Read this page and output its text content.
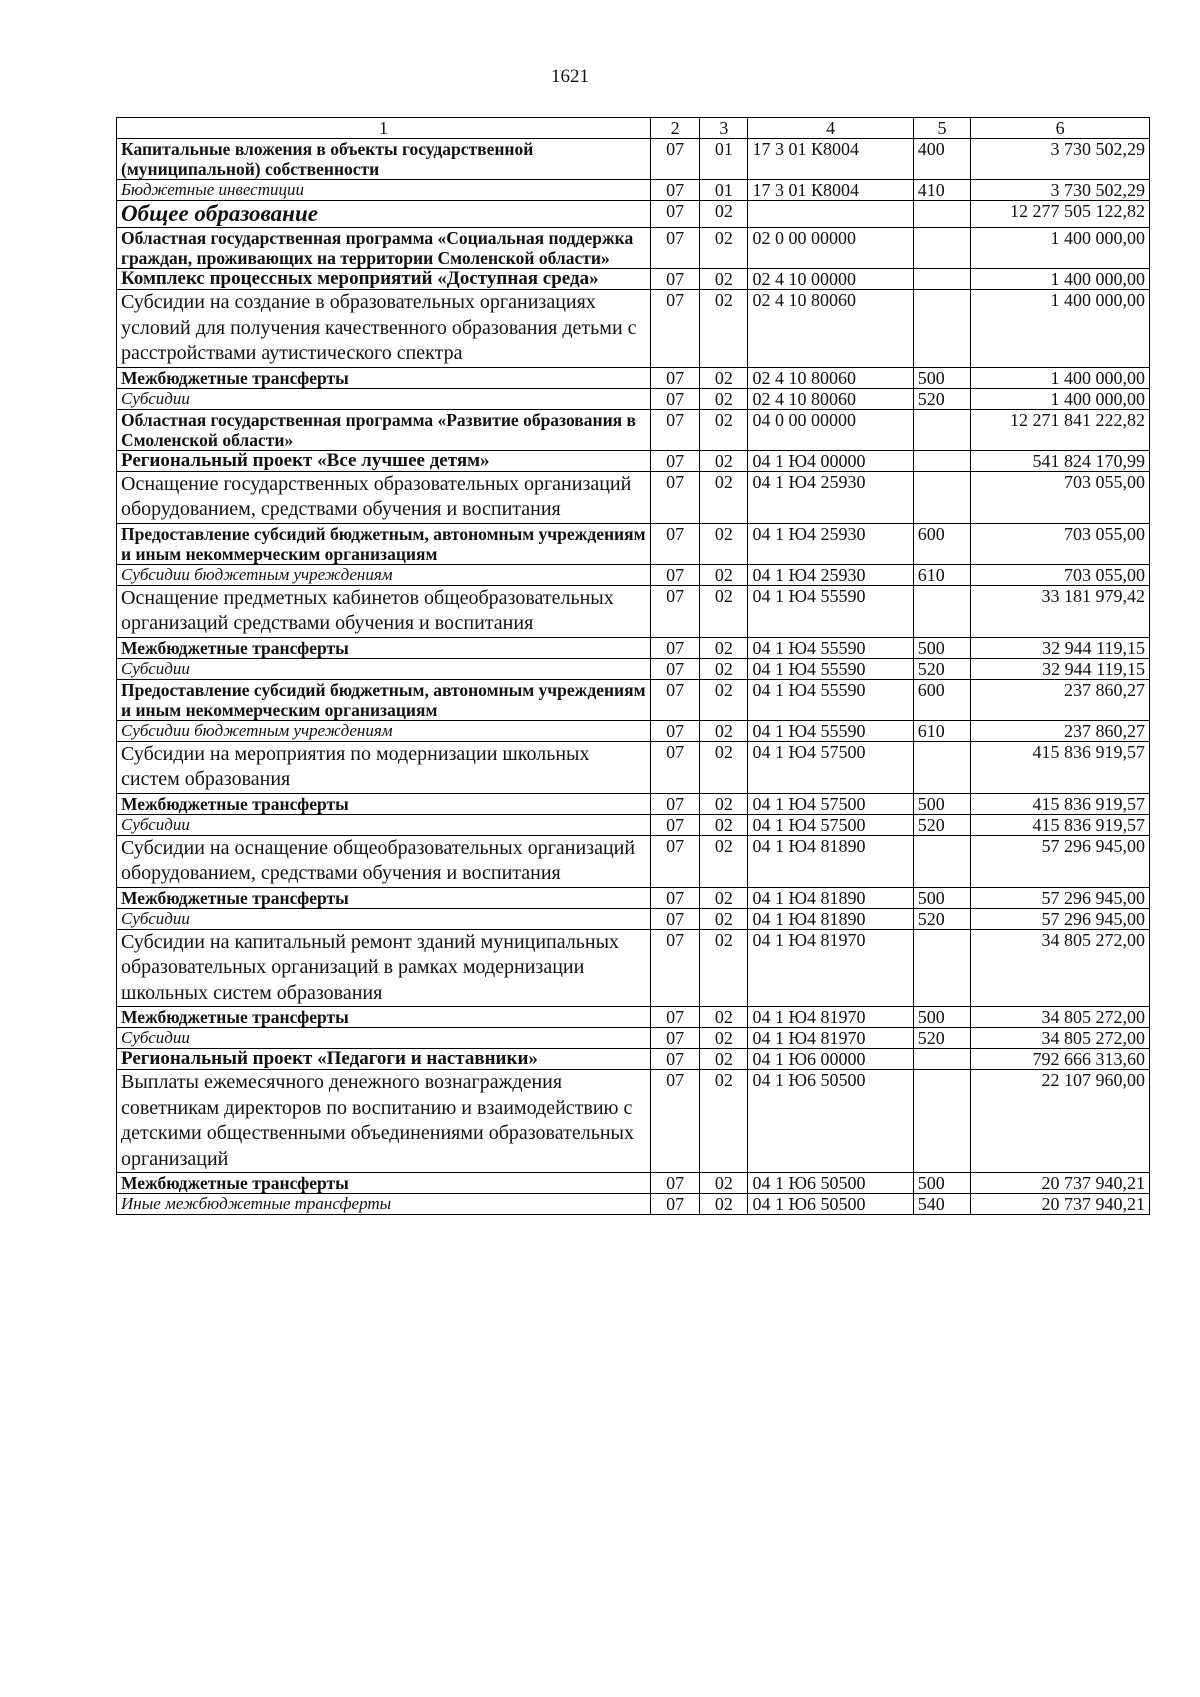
1621
1	2	3	4	5	6
Капитальные вложения в объекты государственной (муниципальной) собственности	07	01	17 3 01 К8004	400	3 730 502,29
Бюджетные инвестиции	07	01	17 3 01 К8004	410	3 730 502,29
Общее образование	07	02			12 277 505 122,82
Областная государственная программа «Социальная поддержка граждан, проживающих на территории Смоленской области»	07	02	02 0 00 00000		1 400 000,00
Комплекс процессных мероприятий «Доступная среда»	07	02	02 4 10 00000		1 400 000,00
Субсидии на создание в образовательных организациях условий для получения качественного образования детьми с расстройствами аутистического спектра	07	02	02 4 10 80060		1 400 000,00
Межбюджетные трансферты	07	02	02 4 10 80060	500	1 400 000,00
Субсидии	07	02	02 4 10 80060	520	1 400 000,00
Областная государственная программа «Развитие образования в Смоленской области»	07	02	04 0 00 00000		12 271 841 222,82
Региональный проект «Все лучшее детям»	07	02	04 1 Ю4 00000		541 824 170,99
Оснащение государственных образовательных организаций оборудованием, средствами обучения и воспитания	07	02	04 1 Ю4 25930		703 055,00
Предоставление субсидий бюджетным, автономным учреждениям и иным некоммерческим организациям	07	02	04 1 Ю4 25930	600	703 055,00
Субсидии бюджетным учреждениям	07	02	04 1 Ю4 25930	610	703 055,00
Оснащение предметных кабинетов общеобразовательных организаций средствами обучения и воспитания	07	02	04 1 Ю4 55590		33 181 979,42
Межбюджетные трансферты	07	02	04 1 Ю4 55590	500	32 944 119,15
Субсидии	07	02	04 1 Ю4 55590	520	32 944 119,15
Предоставление субсидий бюджетным, автономным учреждениям и иным некоммерческим организациям	07	02	04 1 Ю4 55590	600	237 860,27
Субсидии бюджетным учреждениям	07	02	04 1 Ю4 55590	610	237 860,27
Субсидии на мероприятия по модернизации школьных систем образования	07	02	04 1 Ю4 57500		415 836 919,57
Межбюджетные трансферты	07	02	04 1 Ю4 57500	500	415 836 919,57
Субсидии	07	02	04 1 Ю4 57500	520	415 836 919,57
Субсидии на оснащение общеобразовательных организаций оборудованием, средствами обучения и воспитания	07	02	04 1 Ю4 81890		57 296 945,00
Межбюджетные трансферты	07	02	04 1 Ю4 81890	500	57 296 945,00
Субсидии	07	02	04 1 Ю4 81890	520	57 296 945,00
Субсидии на капитальный ремонт зданий муниципальных образовательных организаций в рамках модернизации школьных систем образования	07	02	04 1 Ю4 81970		34 805 272,00
Межбюджетные трансферты	07	02	04 1 Ю4 81970	500	34 805 272,00
Субсидии	07	02	04 1 Ю4 81970	520	34 805 272,00
Региональный проект «Педагоги и наставники»	07	02	04 1 Ю6 00000		792 666 313,60
Выплаты ежемесячного денежного вознаграждения советникам директоров по воспитанию и взаимодействию с детскими общественными объединениями образовательных организаций	07	02	04 1 Ю6 50500		22 107 960,00
Межбюджетные трансферты	07	02	04 1 Ю6 50500	500	20 737 940,21
Иные межбюджетные трансферты	07	02	04 1 Ю6 50500	540	20 737 940,21
